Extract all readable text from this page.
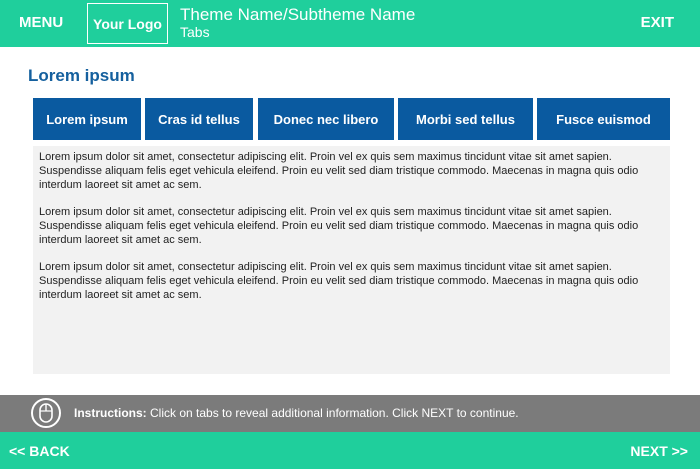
MENU	Your Logo	Theme Name/Subtheme Name
Tabs
EXIT
Lorem ipsum
Lorem ipsum	Cras id tellus	Donec nec libero	Morbi sed tellus	Fusce euismod

Lorem ipsum dolor sit amet, consectetur adipiscing elit. Proin vel ex quis sem maximus tincidunt vitae sit amet sapien. Suspendisse aliquam felis eget vehicula eleifend. Proin eu velit sed diam tristique commodo. Maecenas in magna quis odio interdum laoreet sit amet ac sem.

Lorem ipsum dolor sit amet, consectetur adipiscing elit. Proin vel ex quis sem maximus tincidunt vitae sit amet sapien. Suspendisse aliquam felis eget vehicula eleifend. Proin eu velit sed diam tristique commodo. Maecenas in magna quis odio interdum laoreet sit amet ac sem.

Lorem ipsum dolor sit amet, consectetur adipiscing elit. Proin vel ex quis sem maximus tincidunt vitae sit amet sapien. Suspendisse aliquam felis eget vehicula eleifend. Proin eu velit sed diam tristique commodo. Maecenas in magna quis odio interdum laoreet sit amet ac sem.

Instructions: Click on tabs to reveal additional information. Click NEXT to continue.
<< BACK	NEXT >>
